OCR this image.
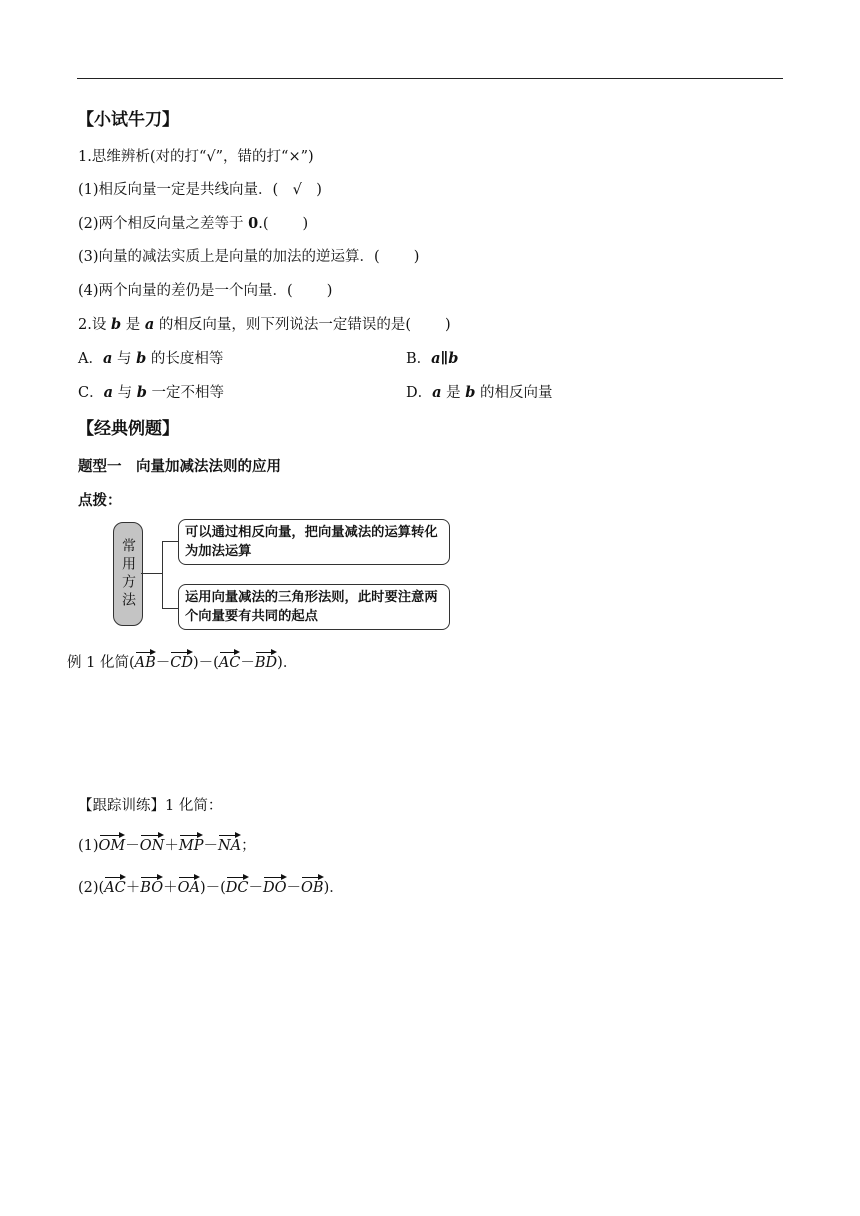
【小试牛刀】
1.思维辨析(对的打“√”，错的打“×”)
(1)相反向量一定是共线向量．( √ )
(2)两个相反向量之差等于 0.( )
(3)向量的减法实质上是向量的加法的逆运算．( )
(4)两个向量的差仍是一个向量．( )
2.设 b 是 a 的相反向量，则下列说法一定错误的是( )
A．a 与 b 的长度相等	B．a∥b
C．a 与 b 一定不相等	D．a 是 b 的相反向量
【经典例题】
题型一　向量加减法法则的应用
点拨：
常用方法
可以通过相反向量，把向量减法的运算转化为加法运算
运用向量减法的三角形法则，此时要注意两个向量要有共同的起点
例 1 化简(AB－CD)－(AC－BD)．
【跟踪训练】1 化简：
(1)OM－ON＋MP－NA；
(2)(AC＋BO＋OA)－(DC－DO－OB)．
